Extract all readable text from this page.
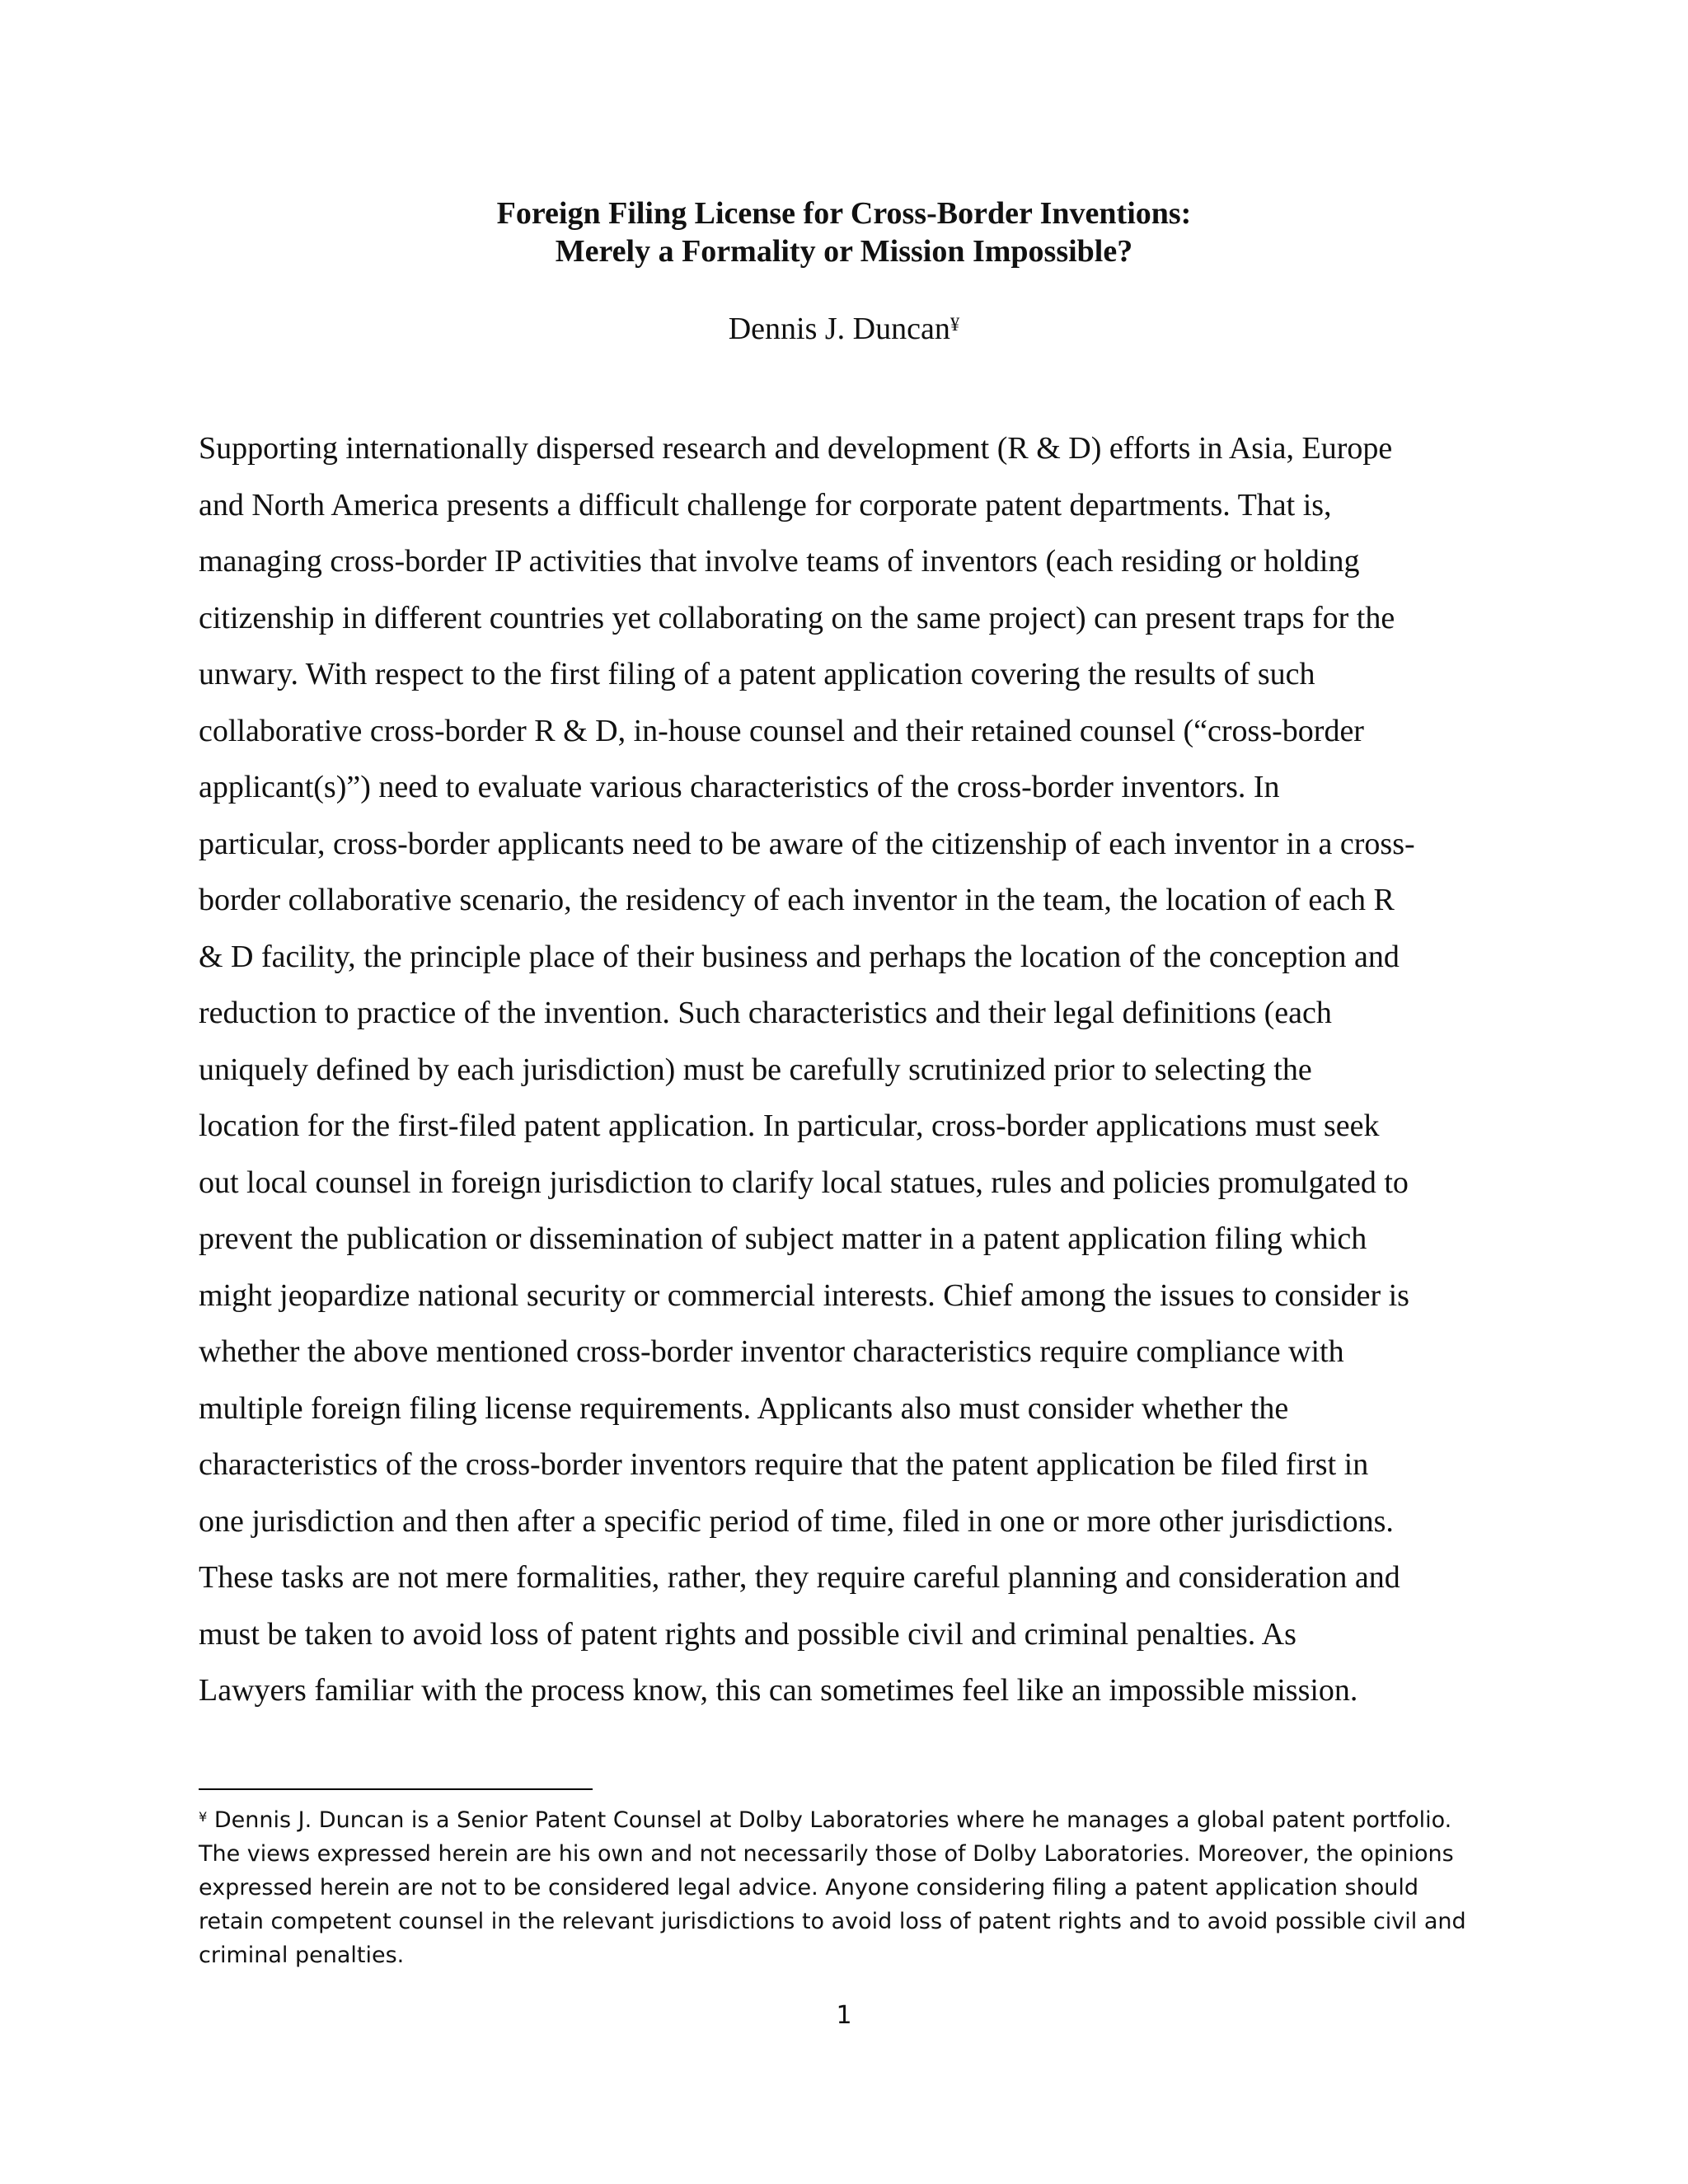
Foreign Filing License for Cross-Border Inventions:
Merely a Formality or Mission Impossible?
Dennis J. Duncan¥
Supporting internationally dispersed research and development (R & D) efforts in Asia, Europe
and North America presents a difficult challenge for corporate patent departments. That is,
managing cross-border IP activities that involve teams of inventors (each residing or holding
citizenship in different countries yet collaborating on the same project) can present traps for the
unwary. With respect to the first filing of a patent application covering the results of such
collaborative cross-border R & D, in-house counsel and their retained counsel (“cross-border
applicant(s)”) need to evaluate various characteristics of the cross-border inventors. In
particular, cross-border applicants need to be aware of the citizenship of each inventor in a cross-
border collaborative scenario, the residency of each inventor in the team, the location of each R
& D facility, the principle place of their business and perhaps the location of the conception and
reduction to practice of the invention. Such characteristics and their legal definitions (each
uniquely defined by each jurisdiction) must be carefully scrutinized prior to selecting the
location for the first-filed patent application. In particular, cross-border applications must seek
out local counsel in foreign jurisdiction to clarify local statues, rules and policies promulgated to
prevent the publication or dissemination of subject matter in a patent application filing which
might jeopardize national security or commercial interests. Chief among the issues to consider is
whether the above mentioned cross-border inventor characteristics require compliance with
multiple foreign filing license requirements. Applicants also must consider whether the
characteristics of the cross-border inventors require that the patent application be filed first in
one jurisdiction and then after a specific period of time, filed in one or more other jurisdictions.
These tasks are not mere formalities, rather, they require careful planning and consideration and
must be taken to avoid loss of patent rights and possible civil and criminal penalties. As
Lawyers familiar with the process know, this can sometimes feel like an impossible mission.
¥ Dennis J. Duncan is a Senior Patent Counsel at Dolby Laboratories where he manages a global patent portfolio.
The views expressed herein are his own and not necessarily those of Dolby Laboratories. Moreover, the opinions
expressed herein are not to be considered legal advice. Anyone considering filing a patent application should
retain competent counsel in the relevant jurisdictions to avoid loss of patent rights and to avoid possible civil and
criminal penalties.
1
